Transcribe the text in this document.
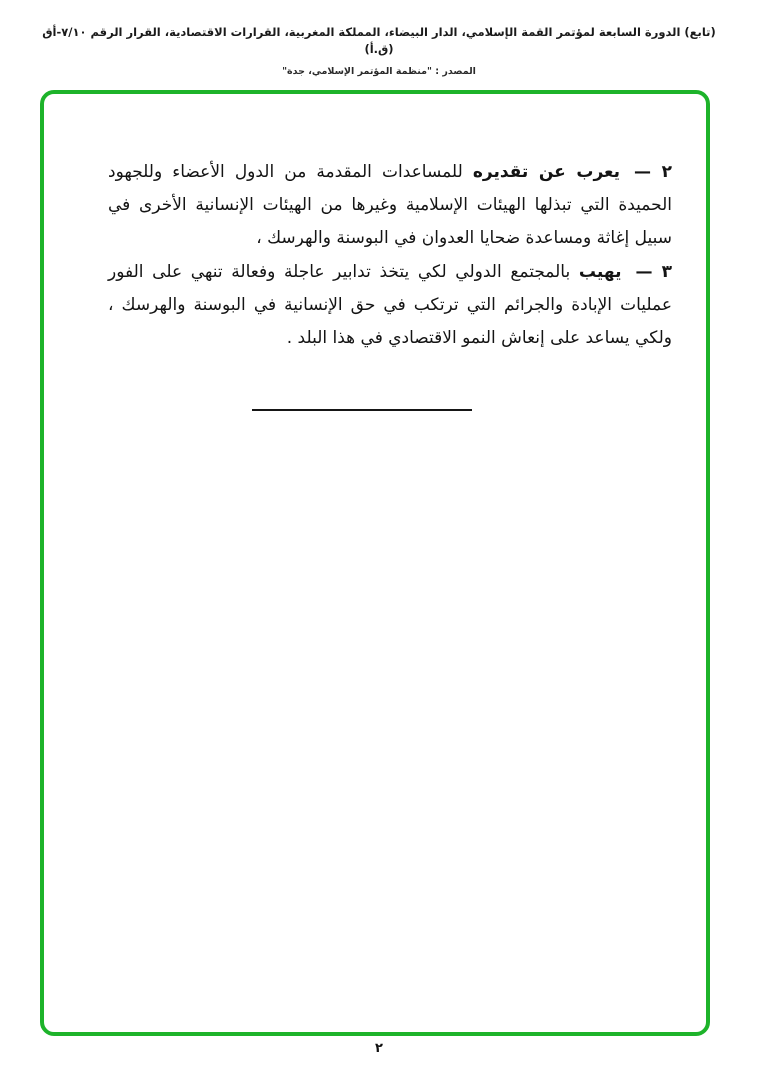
(تابع) الدورة السابعة لمؤتمر القمة الإسلامي، الدار البيضاء، المملكة المغربية، القرارات الاقتصادية، القرار الرقم ٧/١٠-أق (ق.أ)
المصدر : "منظمة المؤتمر الإسلامي، جدة"

٢ —يعرب عن تقديره للمساعدات المقدمة من الدول الأعضاء وللجهود الحميدة التي تبذلها الهيئات الإسلامية وغيرها من الهيئات الإنسانية الأخرى في سبيل إغاثة ومساعدة ضحايا العدوان في البوسنة والهرسك ،

٣ —يهيب بالمجتمع الدولي لكي يتخذ تدابير عاجلة وفعالة تنهي على الفور عمليات الإبادة والجرائم التي ترتكب في حق الإنسانية في البوسنة والهرسك ، ولكي يساعد على إنعاش النمو الاقتصادي في هذا البلد .

٢
